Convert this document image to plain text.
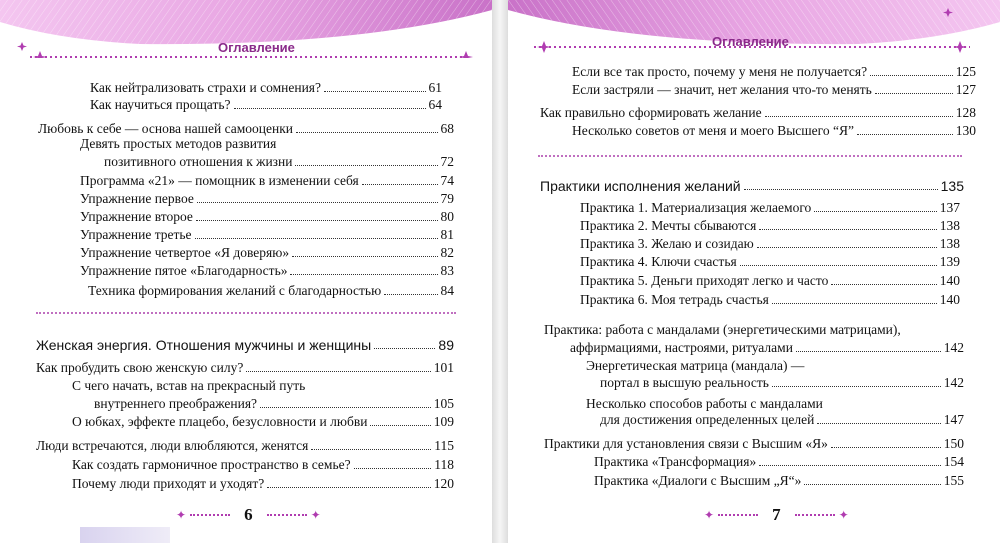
Оглавление
Как нейтрализовать страхи и сомнения?	61
Как научиться прощать?	64
Любовь к себе — основа нашей самооценки	68
Девять простых методов развития
позитивного отношения к жизни	72
Программа «21» — помощник в изменении себя	74
Упражнение первое	79
Упражнение второе	80
Упражнение третье	81
Упражнение четвертое «Я доверяю»	82
Упражнение пятое «Благодарность»	83
Техника формирования желаний с благодарностью	84
Женская энергия. Отношения мужчины и женщины	89
Как пробудить свою женскую силу?	101
С чего начать, встав на прекрасный путь
внутреннего преображения?	105
О юбках, эффекте плацебо, безусловности и любви	109
Люди встречаются, люди влюбляются, женятся	115
Как создать гармоничное пространство в семье?	118
Почему люди приходят и уходят?	120
✦	6	✦
Оглавление
Если все так просто, почему у меня не получается?	125
Если застряли — значит, нет желания что-то менять	127
Как правильно сформировать желание	128
Несколько советов от меня и моего Высшего “Я”	130
Практики исполнения желаний	135
Практика 1. Материализация желаемого	137
Практика 2. Мечты сбываются	138
Практика 3. Желаю и созидаю	138
Практика 4. Ключи счастья	139
Практика 5. Деньги приходят легко и часто	140
Практика 6. Моя тетрадь счастья	140
Практика: работа с мандалами (энергетическими матрицами),
аффирмациями, настроями, ритуалами	142
Энергетическая матрица (мандала) —
портал в высшую реальность	142
Несколько способов работы с мандалами
для достижения определенных целей	147
Практики для установления связи с Высшим «Я»	150
Практика «Трансформация»	154
Практика «Диалоги с Высшим „Я“»	155
✦	7	✦
